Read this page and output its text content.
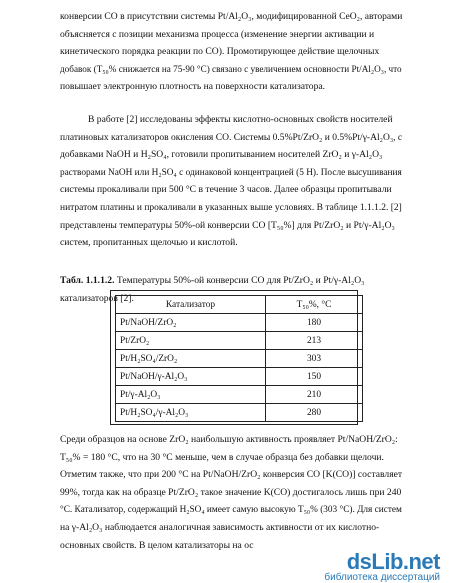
конверсии CO в присутствии системы Pt/Al₂O₃, модифицированной CeO₂, авторами
объясняется с позиции механизма процесса (изменение энергии активации и
кинетического порядка реакции по CO). Промотирующее действие щелочных
добавок (T₅₀% снижается на 75-90 °C) связано с увеличением основности Pt/Al₂O₃, что
повышает электронную плотность на поверхности катализатора.
В работе [2] исследованы эффекты кислотно-основных свойств носителей
платиновых катализаторов окисления CO. Системы 0.5%Pt/ZrO₂ и 0.5%Pt/γ-Al₂O₃, с
добавками NaOH и H₂SO₄, готовили пропитыванием носителей ZrO₂ и γ-Al₂O₃
растворами NaOH или H₂SO₄ с одинаковой концентрацией (5 Н). После высушивания
системы прокаливали при 500 °C в течение 3 часов. Далее образцы пропитывали
нитратом платины и прокаливали в указанных выше условиях. В таблице 1.1.1.2. [2]
представлены температуры 50%-ой конверсии CO [T₅₀%] для Pt/ZrO₂ и Pt/γ-Al₂O₃
систем, пропитанных щелочью и кислотой.
Табл. 1.1.1.2. Температуры 50%-ой конверсии CO для Pt/ZrO₂ и Pt/γ-Al₂O₃
катализаторов [2].
Катализатор	T₅₀%, °C
Pt/NaOH/ZrO₂	180
Pt/ZrO₂	213
Pt/H₂SO₄/ZrO₂	303
Pt/NaOH/γ-Al₂O₃	150
Pt/γ-Al₂O₃	210
Pt/H₂SO₄/γ-Al₂O₃	280
Среди образцов на основе ZrO₂ наибольшую активность проявляет Pt/NaOH/ZrO₂:
T₅₀% = 180 °C, что на 30 °C меньше, чем в случае образца без добавки щелочи.
Отметим также, что при 200 °C на Pt/NaOH/ZrO₂ конверсия CO [K(CO)] составляет
99%, тогда как на образце Pt/ZrO₂ такое значение K(CO) достигалось лишь при 240
°C. Катализатор, содержащий H₂SO₄ имеет самую высокую T₅₀% (303 °C). Для систем
на γ-Al₂O₃ наблюдается аналогичная зависимость активности от их кислотно-
основных свойств. В целом катализаторы на ос
dsLib.net
библиотека диссертаций
